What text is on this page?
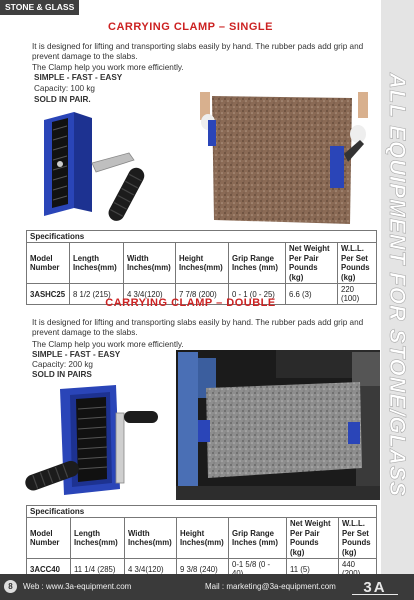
ALL EQUIPMENT FOR STONE/GLASS
STONE & GLASS
CARRYING CLAMP – SINGLE
It is designed for lifting and transporting slabs easily by hand. The rubber pads add grip and prevent damage to the slabs.
The Clamp help you work more efficiently.
SIMPLE - FAST - EASY
Capacity: 100 kg
SOLD IN PAIR.
Specifications						
Model Number	Length Inches(mm)	Width Inches(mm)	Height Inches(mm)	Grip Range Inches (mm)	Net Weight Per Pair Pounds (kg)	W.L.L. Per Set Pounds (kg)
3ASHC25	8 1/2 (215)	4 3/4(120)	7 7/8 (200)	0 - 1 (0 - 25)	6.6 (3)	220 (100)
CARRYING CLAMP – DOUBLE
It is designed for lifting and transporting slabs easily by hand. The rubber pads add grip and prevent damage to the slabs.
The Clamp help you work more efficiently.
SIMPLE - FAST - EASY
Capacity: 200 kg
SOLD IN PAIRS
Specifications						
Model Number	Length Inches(mm)	Width Inches(mm)	Height Inches(mm)	Grip Range Inches (mm)	Net Weight Per Pair Pounds (kg)	W.L.L. Per Set Pounds (kg)
3ACC40	11 1/4 (285)	4 3/4(120)	9 3/8 (240)	0-1 5/8 (0 -	11 (5)	440
8	Web : www.3a-equipment.com	Mail : marketing@3a-equipment.com 3A
